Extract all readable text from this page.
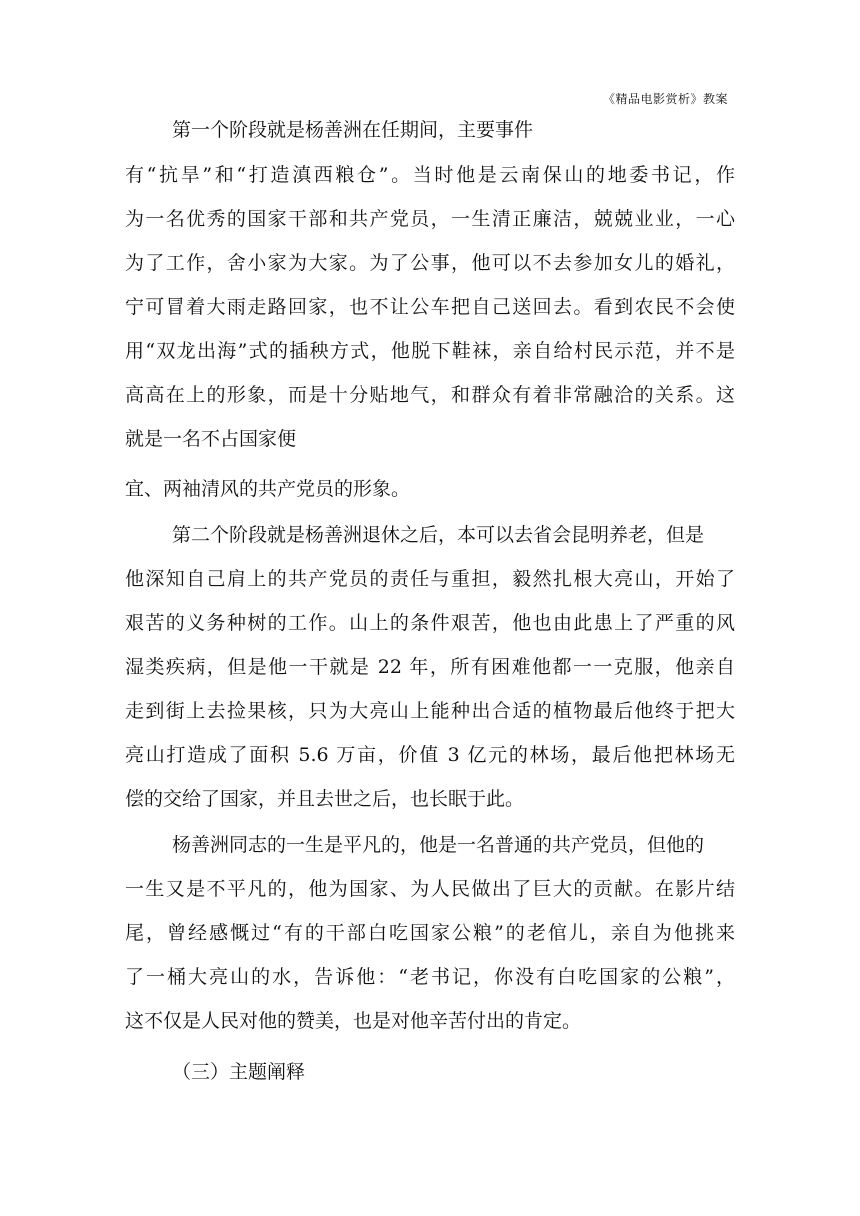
《精品电影赏析》教案
第一个阶段就是杨善洲在任期间，主要事件
有“抗旱”和“打造滇西粮仓”。当时他是云南保山的地委书记，作
为一名优秀的国家干部和共产党员，一生清正廉洁，兢兢业业，一心
为了工作，舍小家为大家。为了公事，他可以不去参加女儿的婚礼，
宁可冒着大雨走路回家，也不让公车把自己送回去。看到农民不会使
用“双龙出海”式的插秧方式，他脱下鞋袜，亲自给村民示范，并不是
高高在上的形象，而是十分贴地气，和群众有着非常融洽的关系。这
就是一名不占国家便
宜、两袖清风的共产党员的形象。
第二个阶段就是杨善洲退休之后，本可以去省会昆明养老，但是
他深知自己肩上的共产党员的责任与重担，毅然扎根大亮山，开始了
艰苦的义务种树的工作。山上的条件艰苦，他也由此患上了严重的风
湿类疾病，但是他一干就是 22 年，所有困难他都一一克服，他亲自
走到街上去捡果核，只为大亮山上能种出合适的植物最后他终于把大
亮山打造成了面积 5.6 万亩，价值 3 亿元的林场，最后他把林场无
偿的交给了国家，并且去世之后，也长眠于此。
杨善洲同志的一生是平凡的，他是一名普通的共产党员，但他的
一生又是不平凡的，他为国家、为人民做出了巨大的贡献。在影片结
尾，曾经感慨过“有的干部白吃国家公粮”的老倌儿，亲自为他挑来
了一桶大亮山的水，告诉他：“老书记，你没有白吃国家的公粮”，
这不仅是人民对他的赞美，也是对他辛苦付出的肯定。
（三）主题阐释
